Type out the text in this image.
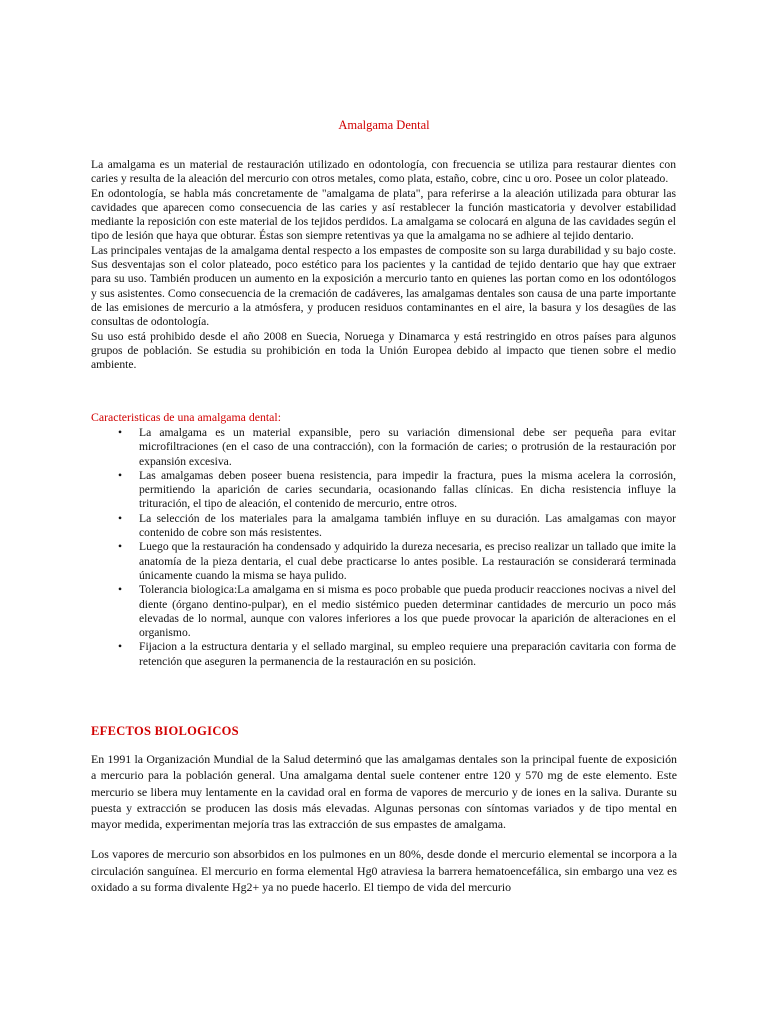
Amalgama Dental

La amalgama es un material de restauración utilizado en odontología, con frecuencia se utiliza para restaurar dientes con caries y resulta de la aleación del mercurio con otros metales, como plata, estaño, cobre, cinc u oro. Posee un color plateado.

En odontología, se habla más concretamente de "amalgama de plata", para referirse a la aleación utilizada para obturar las cavidades que aparecen como consecuencia de las caries y así restablecer la función masticatoria y devolver estabilidad mediante la reposición con este material de los tejidos perdidos. La amalgama se colocará en alguna de las cavidades según el tipo de lesión que haya que obturar. Éstas son siempre retentivas ya que la amalgama no se adhiere al tejido dentario.

Las principales ventajas de la amalgama dental respecto a los empastes de composite son su larga durabilidad y su bajo coste. Sus desventajas son el color plateado, poco estético para los pacientes y la cantidad de tejido dentario que hay que extraer para su uso. También producen un aumento en la exposición a mercurio tanto en quienes las portan como en los odontólogos y sus asistentes. Como consecuencia de la cremación de cadáveres, las amalgamas dentales son causa de una parte importante de las emisiones de mercurio a la atmósfera, y producen residuos contaminantes en el aire, la basura y los desagües de las consultas de odontología.

Su uso está prohibido desde el año 2008 en Suecia, Noruega y Dinamarca y está restringido en otros países para algunos grupos de población. Se estudia su prohibición en toda la Unión Europea debido al impacto que tienen sobre el medio ambiente.

Caracteristicas de una amalgama dental:
•	La amalgama es un material expansible, pero su variación dimensional debe ser pequeña para evitar microfiltraciones (en el caso de una contracción), con la formación de caries; o protrusión de la restauración por expansión excesiva.
•	Las amalgamas deben poseer buena resistencia, para impedir la fractura, pues la misma acelera la corrosión, permitiendo la aparición de caries secundaria, ocasionando fallas clínicas. En dicha resistencia influye la trituración, el tipo de aleación, el contenido de mercurio, entre otros.
•	La selección de los materiales para la amalgama también influye en su duración. Las amalgamas con mayor contenido de cobre son más resistentes.
•	Luego que la restauración ha condensado y adquirido la dureza necesaria, es preciso realizar un tallado que imite la anatomía de la pieza dentaria, el cual debe practicarse lo antes posible. La restauración se considerará terminada únicamente cuando la misma se haya pulido.
•	Tolerancia biologica:La amalgama en si misma es poco probable que pueda producir reacciones nocivas a nivel del diente (órgano dentino-pulpar), en el medio sistémico pueden determinar cantidades de mercurio un poco más elevadas de lo normal, aunque con valores inferiores a los que puede provocar la aparición de alteraciones en el organismo.
•	Fijacion a la estructura dentaria y el sellado marginal, su empleo requiere una preparación cavitaria con forma de retención que aseguren la permanencia de la restauración en su posición.
EFECTOS BIOLOGICOS

En 1991 la Organización Mundial de la Salud determinó que las amalgamas dentales son la principal fuente de exposición a mercurio para la población general. Una amalgama dental suele contener entre 120 y 570 mg de este elemento. Este mercurio se libera muy lentamente en la cavidad oral en forma de vapores de mercurio y de iones en la saliva. Durante su puesta y extracción se producen las dosis más elevadas. Algunas personas con síntomas variados y de tipo mental en mayor medida, experimentan mejoría tras las extracción de sus empastes de amalgama.

Los vapores de mercurio son absorbidos en los pulmones en un 80%, desde donde el mercurio elemental se incorpora a la circulación sanguínea. El mercurio en forma elemental Hg0 atraviesa la barrera hematoencefálica, sin embargo una vez es oxidado a su forma divalente Hg2+ ya no puede hacerlo. El tiempo de vida del mercurio
